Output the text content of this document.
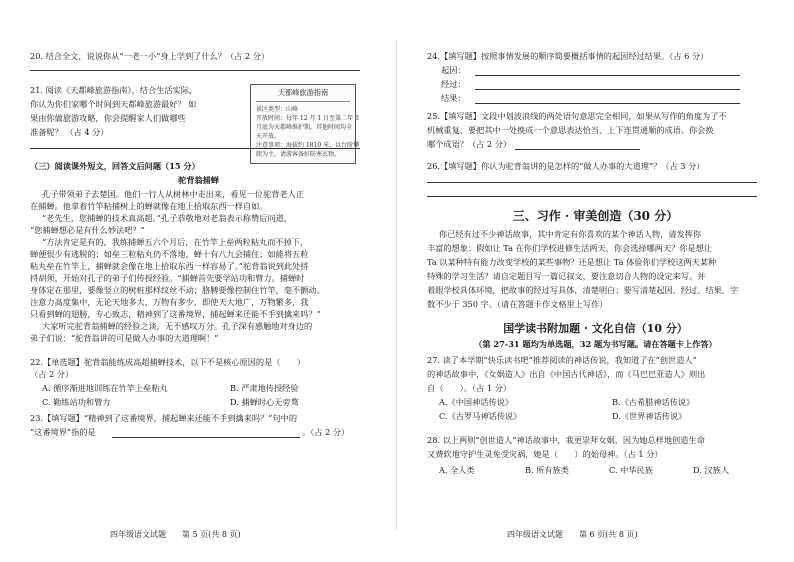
20. 结合全文，说说你从“一老一小”身上学到了什么？（占 2 分）
21. 阅读《天都峰旅游指南》，结合生活实际，
你认为你们家哪个时间到天都峰旅游最好？ 如
果由你做旅游攻略，你会提醒家人们做哪些
准备呢？ （占 4 分）
天都峰旅游指南
景区类型：山峰
开放时间：每年 12 月 1 日至第二年 3
月底为天都峰维护期，其他时间均全
天开放。
注意事项：海拔约 1810 米，以台阶攀
爬为主，请游客备好防寒衣物。
（三）阅读课外短文，回答文后问题（15 分）
驼背翁捕蝉
孔子带领弟子去楚国。他们一行人从树林中走出来，看见一位驼背老人正
在捕蝉。他拿着竹竿粘捕树上的蝉就像在地上拾取东西一样自如。
“老先生，您捕蝉的技术真高超。”孔子恭敬地对老翁表示称赞后问道，
“您捕蝉想必是有什么妙法吧？”
“方法肯定是有的，我练捕蝉五六个月后，在竹竿上垒两粒粘丸而不掉下，
蝉便很少有逃脱的；如垒三粒粘丸仍不落地，蝉十有八九会捕住；如能将五粒
粘丸垒在竹竿上，捕蝉就会像在地上拾取东西一样容易了。”驼背翁说到此处捋
捋胡须，开始对孔子的弟子们传授经验。“捕蝉首先要学站功和臂力。捕蝉时
身体定在那里，要像竖立的树桩那样纹丝不动；胳膊要像控制住竹竿，毫不颤动。
注意力高度集中，无论天地多大，万物有多少，即使天大地广，万物繁多，我
只看到蝉的翅膀，专心致志，精神到了这番境界，捕起蝉来还能不手到擒来吗？”
大家听完驼背翁捕蝉的经验之谈，无不感叹万分。孔子深有感触地对身边的
弟子们说：“驼背翁讲的可是做人办事的大道理啊！”
22.【单选题】驼背翁能练成高超捕蝉技术，以下不是核心原因的是（　　）
（占 2 分）
A. 循序渐进地训练在竹竿上垒粘丸	B. 严肃地传授经验
C. 勤练站功和臂力	D. 捕蝉时心无旁骛
23.【填写题】“精神到了这番境界，捕起蝉来还能不手到擒来吗？”句中的
“这番境界”指的是	。（占 2 分）
四年级语文试题　　第 5 页(共 8 页)
24.【填写题】按照事情发展的顺序简要概括事情的起因经过结果。（占 6 分）
起因：
经过：
结果：
25.【填写题】文段中划波浪线的两处语句意思完全相同，如果从写作的角度为了不
机械重复，要把其中一处换成一个意思表达恰当、上下连贯通顺的成语。你会换
哪个成语？（占 2 分）
26.【填写题】你认为驼背翁讲的是怎样的“做人办事的大道理”？（占 3 分）
三、习作 · 审美创造（30 分）
你已经有过不少神话故事，其中肯定有你喜欢的某个神话人物，请发挥你
丰富的想象：假如让 Ta 在你们学校进修生活两天，你会选择哪两天？你是想让
Ta 以某种特有能力改变学校的某些事物？还是想让 Ta 体验你们学校这两天某种
特殊的学习生活？请自定题目写一篇记叙文，要注意切合人物的设定来写。并
着眼学校具体环境，把故事的经过写具体，清楚明白；要写清楚起因、经过、结果，字
数不少于 350 字。（请在答题卡作文格里上写作）
国学读书附加题 · 文化自信（10 分）
（第 27-31 题均为单选题，32 题为书写题。请在答题卡上作答）
27. 读了本学期“快乐读书吧”推荐阅读的神话传说，我知道了在“创世造人”
的神话故事中，《女娲造人》出自《中国古代神话》，而《马巴巴亚造人》则出
自（　　）。（占 1 分）
A.《中国神话传说》	B.《古希腊神话传说》
C.《古罗马神话传说》	D.《世界神话传说》
28. 以上两则“创世造人”神话故事中，我更崇拜女娲，因为她总样地创造生命
又费软地守护生灵免受灾祸，她是（　　）的始母神。（占 1 分）
A. 全人类	B. 所有族类	C. 中华民族	D. 汉族人
四年级语文试题　　第 6 页(共 8 页)
